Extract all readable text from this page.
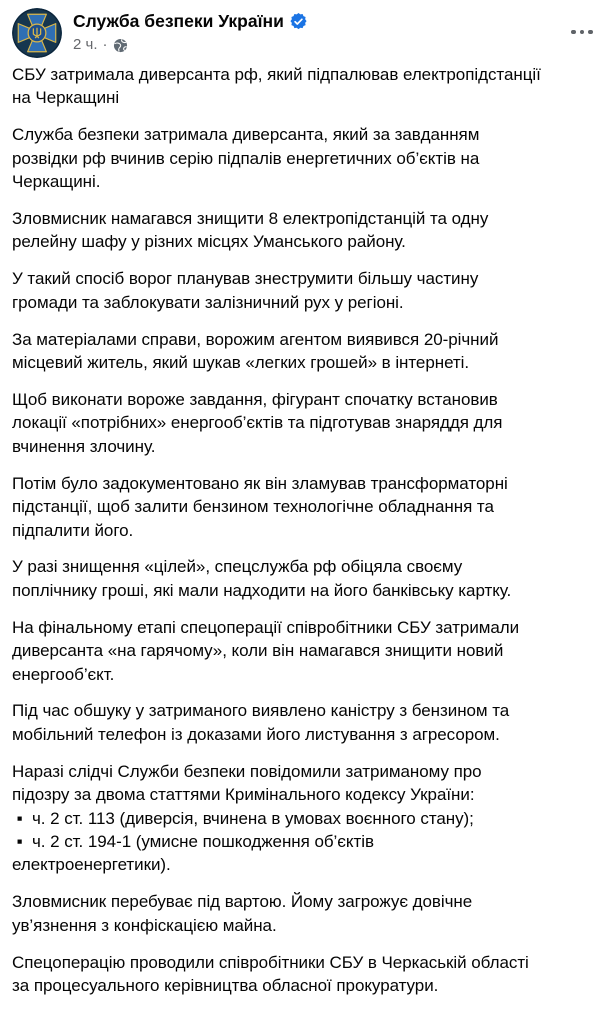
Служба безпеки України
2 ч. ·

СБУ затримала диверсанта рф, який підпалював електропідстанції
на Черкащині

Служба безпеки затримала диверсанта, який за завданням
розвідки рф вчинив серію підпалів енергетичних об’єктів на
Черкащині.

Зловмисник намагався знищити 8 електропідстанцій та одну
релейну шафу у різних місцях Уманського району.

У такий спосіб ворог планував знеструмити більшу частину
громади та заблокувати залізничний рух у регіоні.

За матеріалами справи, ворожим агентом виявився 20-річний
місцевий житель, який шукав «легких грошей» в інтернеті.

Щоб виконати вороже завдання, фігурант спочатку встановив
локації «потрібних» енергооб’єктів та підготував знаряддя для
вчинення злочину.

Потім було задокументовано як він зламував трансформаторні
підстанції, щоб залити бензином технологічне обладнання та
підпалити його.

У разі знищення «цілей», спецслужба рф обіцяла своєму
поплічнику гроші, які мали надходити на його банківську картку.

На фінальному етапі спецоперації співробітники СБУ затримали
диверсанта «на гарячому», коли він намагався знищити новий
енергооб’єкт.

Під час обшуку у затриманого виявлено каністру з бензином та
мобільний телефон із доказами його листування з агресором.

Наразі слідчі Служби безпеки повідомили затриманому про
підозру за двома статтями Кримінального кодексу України:
▪  ч. 2 ст. 113 (диверсія, вчинена в умовах воєнного стану);
▪  ч. 2 ст. 194-1 (умисне пошкодження об’єктів
електроенергетики).

Зловмисник перебуває під вартою. Йому загрожує довічне
ув’язнення з конфіскацією майна.

Спецоперацію проводили співробітники СБУ в Черкаській області
за процесуального керівництва обласної прокуратури.
